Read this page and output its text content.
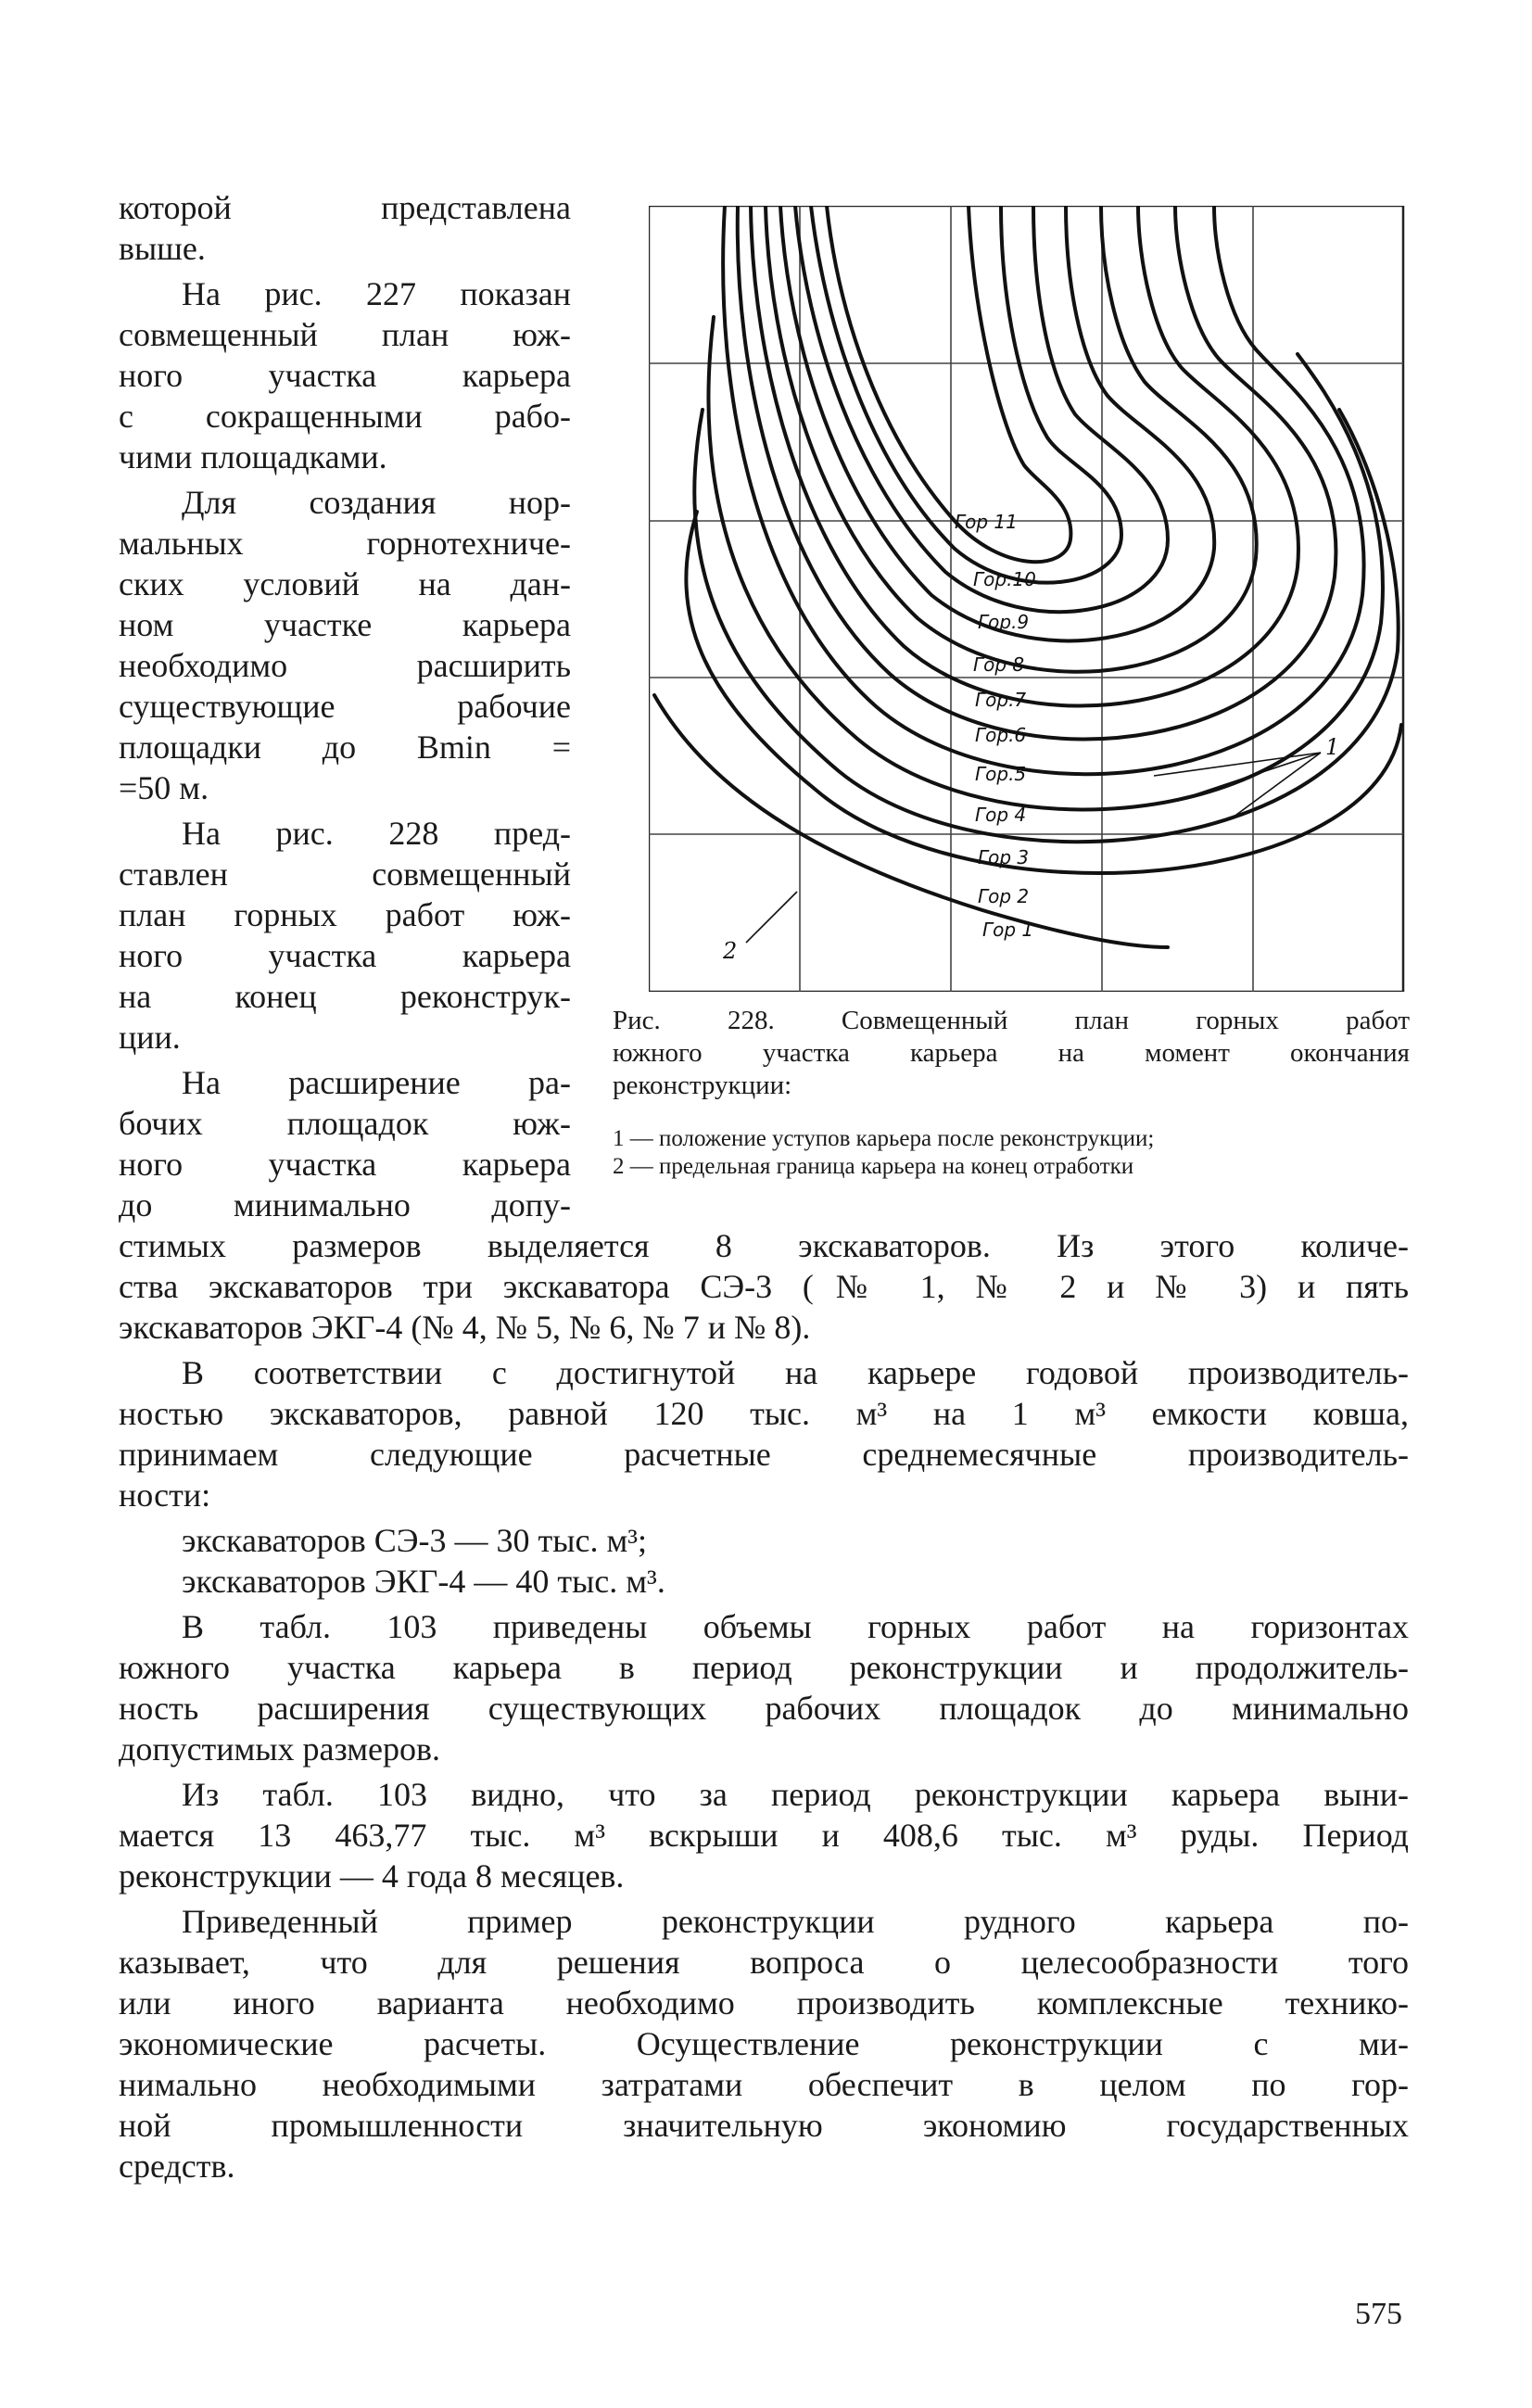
которой представлена
выше.
На рис. 227 показан
совмещенный план юж-
ного участка карьера
с сокращенными рабо-
чими площадками.
Для создания нор-
мальных горнотехниче-
ских условий на дан-
ном участке карьера
необходимо расширить
существующие рабочие
площадки до Вmin =
=50 м.
На рис. 228 пред-
ставлен совмещенный
план горных работ юж-
ного участка карьера
на конец реконструк-
ции.
На расширение ра-
бочих площадок юж-
ного участка карьера
до минимально допу-
Гор 11
Гор.10
Гор.9
Гор 8
Гор.7
Гор.6
Гор.5
Гор 4
Гор 3
Гор 2
Гор 1
1
2
Рис. 228. Совмещенный план горных работ
южного участка карьера на момент окончания
реконструкции:
1 — положение уступов карьера после реконструкции;
2 — предельная граница карьера на конец отработки
стимых размеров выделяется 8 экскаваторов. Из этого количе-
ства экскаваторов три экскаватора СЭ-3 (№ 1, № 2 и № 3) и пять
экскаваторов ЭКГ-4 (№ 4, № 5, № 6, № 7 и № 8).
В соответствии с достигнутой на карьере годовой производитель-
ностью экскаваторов, равной 120 тыс. м³ на 1 м³ емкости ковша,
принимаем следующие расчетные среднемесячные производитель-
ности:
экскаваторов СЭ-3 — 30 тыс. м³;
экскаваторов ЭКГ-4 — 40 тыс. м³.
В табл. 103 приведены объемы горных работ на горизонтах
южного участка карьера в период реконструкции и продолжитель-
ность расширения существующих рабочих площадок до минимально
допустимых размеров.
Из табл. 103 видно, что за период реконструкции карьера выни-
мается 13 463,77 тыс. м³ вскрыши и 408,6 тыс. м³ руды. Период
реконструкции — 4 года 8 месяцев.
Приведенный пример реконструкции рудного карьера по-
казывает, что для решения вопроса о целесообразности того
или иного варианта необходимо производить комплексные технико-
экономические расчеты. Осуществление реконструкции с ми-
нимально необходимыми затратами обеспечит в целом по гор-
ной промышленности значительную экономию государственных
средств.
575
